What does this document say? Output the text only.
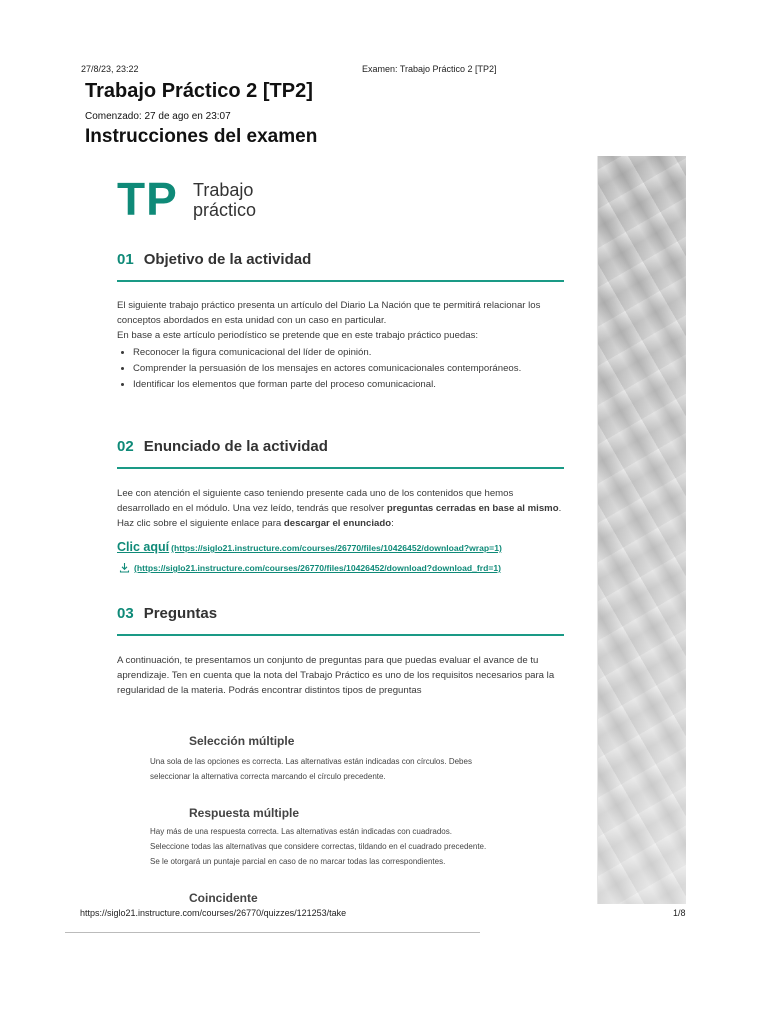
27/8/23, 23:22	Examen: Trabajo Práctico 2 [TP2]
Trabajo Práctico 2 [TP2]
Comenzado: 27 de ago en 23:07
Instrucciones del examen
TP Trabajo
práctico
01 Objetivo de la actividad

El siguiente trabajo práctico presenta un artículo del Diario La Nación que te permitirá relacionar los conceptos abordados en esta unidad con un caso en particular.

En base a este artículo periodístico se pretende que en este trabajo práctico puedas:

• Reconocer la figura comunicacional del líder de opinión.
• Comprender la persuasión de los mensajes en actores comunicacionales contemporáneos.
• Identificar los elementos que forman parte del proceso comunicacional.
02 Enunciado de la actividad

Lee con atención el siguiente caso teniendo presente cada uno de los contenidos que hemos desarrollado en el módulo. Una vez leído, tendrás que resolver preguntas cerradas en base al mismo. Haz clic sobre el siguiente enlace para descargar el enunciado:

Clic aquí (https://siglo21.instructure.com/courses/26770/files/10426452/download?wrap=1)
(https://siglo21.instructure.com/courses/26770/files/10426452/download?download_frd=1)
03 Preguntas

A continuación, te presentamos un conjunto de preguntas para que puedas evaluar el avance de tu aprendizaje. Ten en cuenta que la nota del Trabajo Práctico es uno de los requisitos necesarios para la regularidad de la materia. Podrás encontrar distintos tipos de preguntas

Selección múltiple

Una sola de las opciones es correcta. Las alternativas están indicadas con círculos. Debes

seleccionar la alternativa correcta marcando el círculo precedente.

Respuesta múltiple

Hay más de una respuesta correcta. Las alternativas están indicadas con cuadrados.

Seleccione todas las alternativas que considere correctas, tildando en el cuadrado precedente.

Se le otorgará un puntaje parcial en caso de no marcar todas las correspondientes.

Coincidente
https://siglo21.instructure.com/courses/26770/quizzes/121253/take	1/8
